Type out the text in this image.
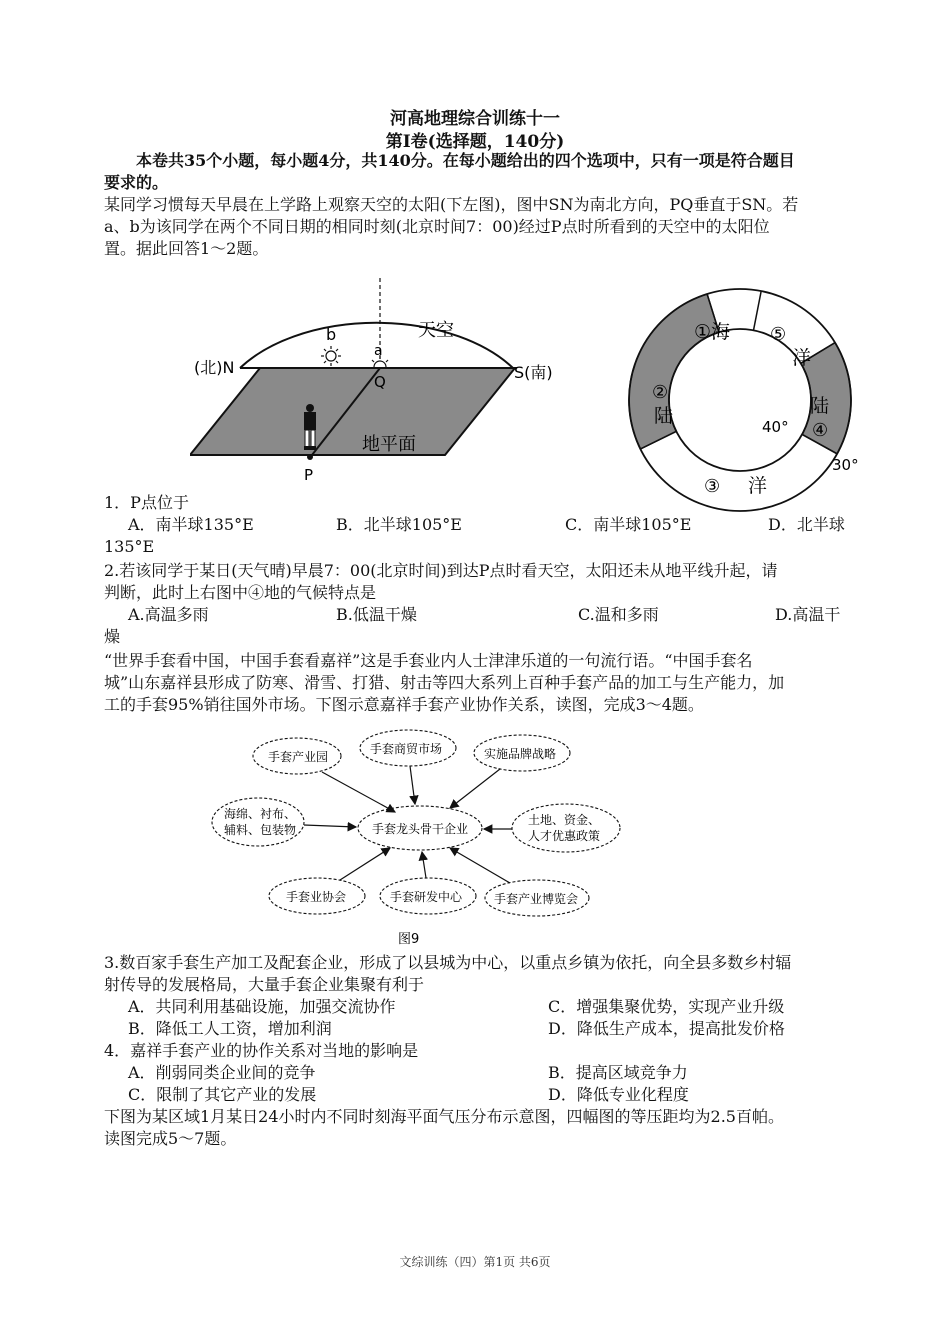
河高地理综合训练十一
第Ⅰ卷(选择题，140分)
本卷共35个小题，每小题4分，共140分。在每小题给出的四个选项中，只有一项是符合题目
要求的。
某同学习惯每天早晨在上学路上观察天空的太阳(下左图)，图中SN为南北方向，PQ垂直于SN。若
a、b为该同学在两个不同日期的相同时刻(北京时间7：00)经过P点时所看到的天空中的太阳位
置。据此回答1～2题。
b
a
天空
(北)N	S(南)
Q
P
地平面
①海 ⑤
洋
②
陆	陆
④
40°
30°
③ 洋
1．P点位于
A．南半球135°E	B．北半球105°E	C．南半球105°E	D．北半球
135°E
2.若该同学于某日(天气晴)早晨7：00(北京时间)到达P点时看天空，太阳还未从地平线升起，请
判断，此时上右图中④地的气候特点是
A.高温多雨	B.低温干燥	C.温和多雨	D.高温干
燥
“世界手套看中国，中国手套看嘉祥”这是手套业内人士津津乐道的一句流行语。“中国手套名
城”山东嘉祥县形成了防寒、滑雪、打猎、射击等四大系列上百种手套产品的加工与生产能力，加
工的手套95%销往国外市场。下图示意嘉祥手套产业协作关系，读图，完成3～4题。
手套产业园
手套商贸市场	实施品牌战略
海绵、衬布、
辅料、包装物	手套龙头骨干企业
土地、资金、
人才优惠政策
手套业协会	手套研发中心	手套产业博览会
图9
3.数百家手套生产加工及配套企业，形成了以县城为中心，以重点乡镇为依托，向全县多数乡村辐
射传导的发展格局，大量手套企业集聚有利于
A．共同利用基础设施，加强交流协作	C．增强集聚优势，实现产业升级
B．降低工人工资，增加利润	D．降低生产成本，提高批发价格
4．嘉祥手套产业的协作关系对当地的影响是
A．削弱同类企业间的竞争	B．提高区域竞争力
C．限制了其它产业的发展	D．降低专业化程度
下图为某区域1月某日24小时内不同时刻海平面气压分布示意图，四幅图的等压距均为2.5百帕。
读图完成5～7题。
文综训练（四）第1页 共6页
